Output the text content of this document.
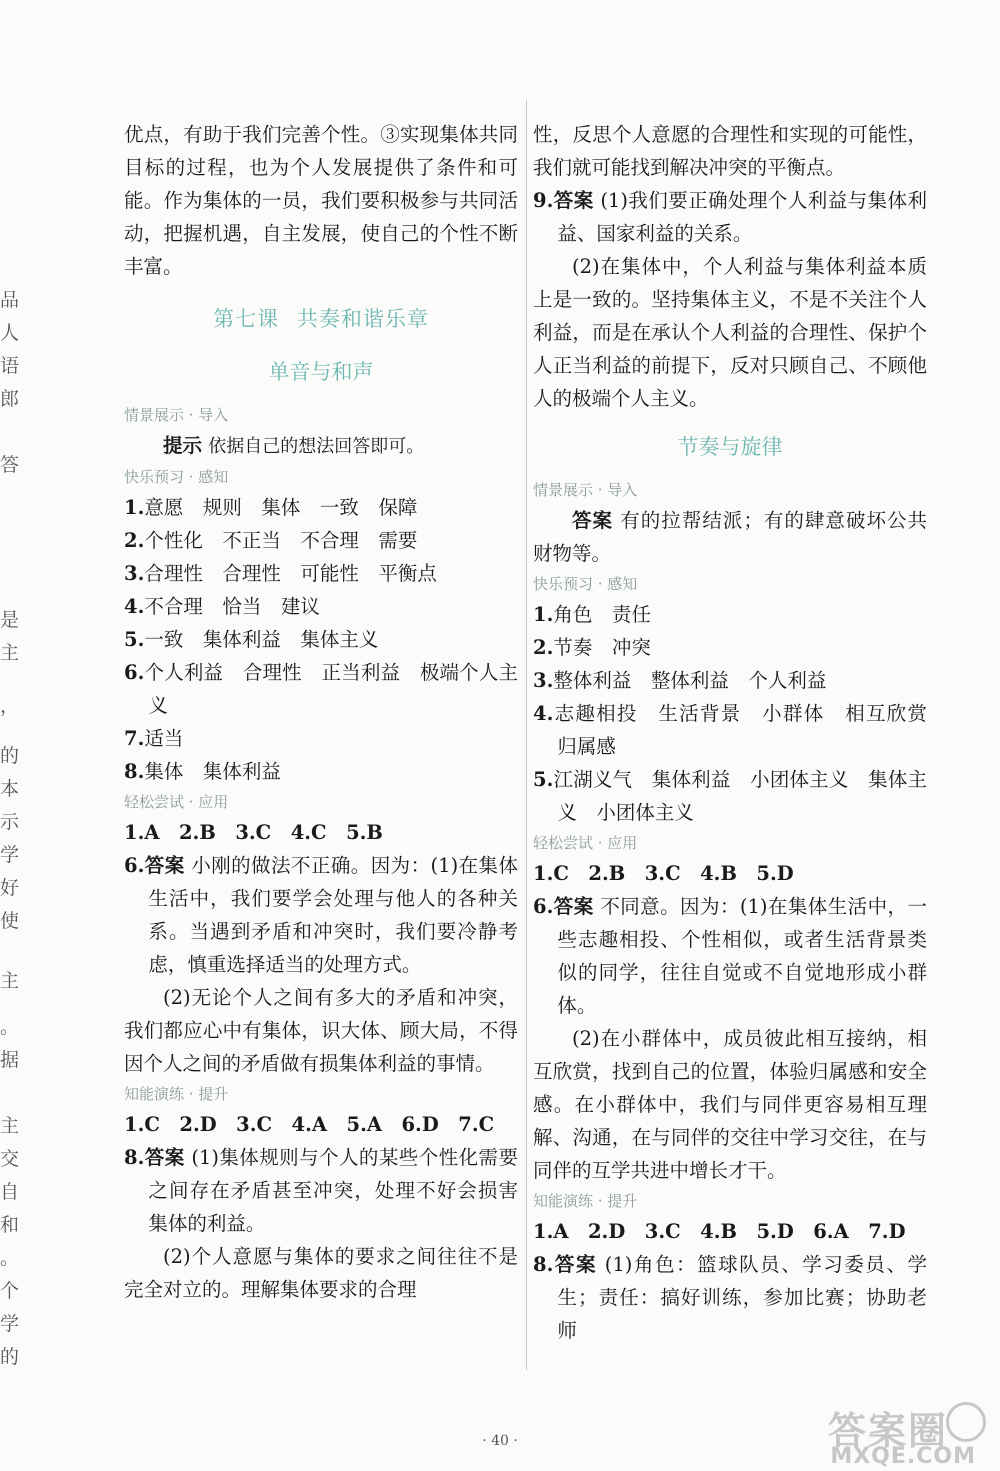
品
人
语
郎
答
是
主
，
的
本
示
学
好
使
主
。
据
主
交
自
和
。
个
学
的

优点，有助于我们完善个性。③实现集体共同目标的过程，也为个人发展提供了条件和可能。作为集体的一员，我们要积极参与共同活动，把握机遇，自主发展，使自己的个性不断丰富。

第七课 共奏和谐乐章
单音与和声

情景展示 · 导入

提示 依据自己的想法回答即可。

快乐预习 · 感知

1.意愿　规则　集体　一致　保障

2.个性化　不正当　不合理　需要

3.合理性　合理性　可能性　平衡点

4.不合理　恰当　建议

5.一致　集体利益　集体主义

6.个人利益　合理性　正当利益　极端个人主义

7.适当

8.集体　集体利益

轻松尝试 · 应用

1.A　2.B　3.C　4.C　5.B

6.答案 小刚的做法不正确。因为：(1)在集体生活中，我们要学会处理与他人的各种关系。当遇到矛盾和冲突时，我们要冷静考虑，慎重选择适当的处理方式。

(2)无论个人之间有多大的矛盾和冲突，我们都应心中有集体，识大体、顾大局，不得因个人之间的矛盾做有损集体利益的事情。

知能演练 · 提升

1.C　2.D　3.C　4.A　5.A　6.D　7.C

8.答案 (1)集体规则与个人的某些个性化需要之间存在矛盾甚至冲突，处理不好会损害集体的利益。

(2)个人意愿与集体的要求之间往往不是完全对立的。理解集体要求的合理

性，反思个人意愿的合理性和实现的可能性，我们就可能找到解决冲突的平衡点。

9.答案 (1)我们要正确处理个人利益与集体利益、国家利益的关系。

(2)在集体中，个人利益与集体利益本质上是一致的。坚持集体主义，不是不关注个人利益，而是在承认个人利益的合理性、保护个人正当利益的前提下，反对只顾自己、不顾他人的极端个人主义。

节奏与旋律

情景展示 · 导入

答案 有的拉帮结派；有的肆意破坏公共财物等。

快乐预习 · 感知

1.角色　责任

2.节奏　冲突

3.整体利益　整体利益　个人利益

4.志趣相投　生活背景　小群体　相互欣赏　归属感

5.江湖义气　集体利益　小团体主义　集体主义　小团体主义

轻松尝试 · 应用

1.C　2.B　3.C　4.B　5.D

6.答案 不同意。因为：(1)在集体生活中，一些志趣相投、个性相似，或者生活背景类似的同学，往往自觉或不自觉地形成小群体。

(2)在小群体中，成员彼此相互接纳，相互欣赏，找到自己的位置，体验归属感和安全感。在小群体中，我们与同伴更容易相互理解、沟通，在与同伴的交往中学习交往，在与同伴的互学共进中增长才干。

知能演练 · 提升

1.A　2.D　3.C　4.B　5.D　6.A　7.D

8.答案 (1)角色：篮球队员、学习委员、学生；责任：搞好训练，参加比赛；协助老师

· 40 ·	答案圈
MXQE.COM
